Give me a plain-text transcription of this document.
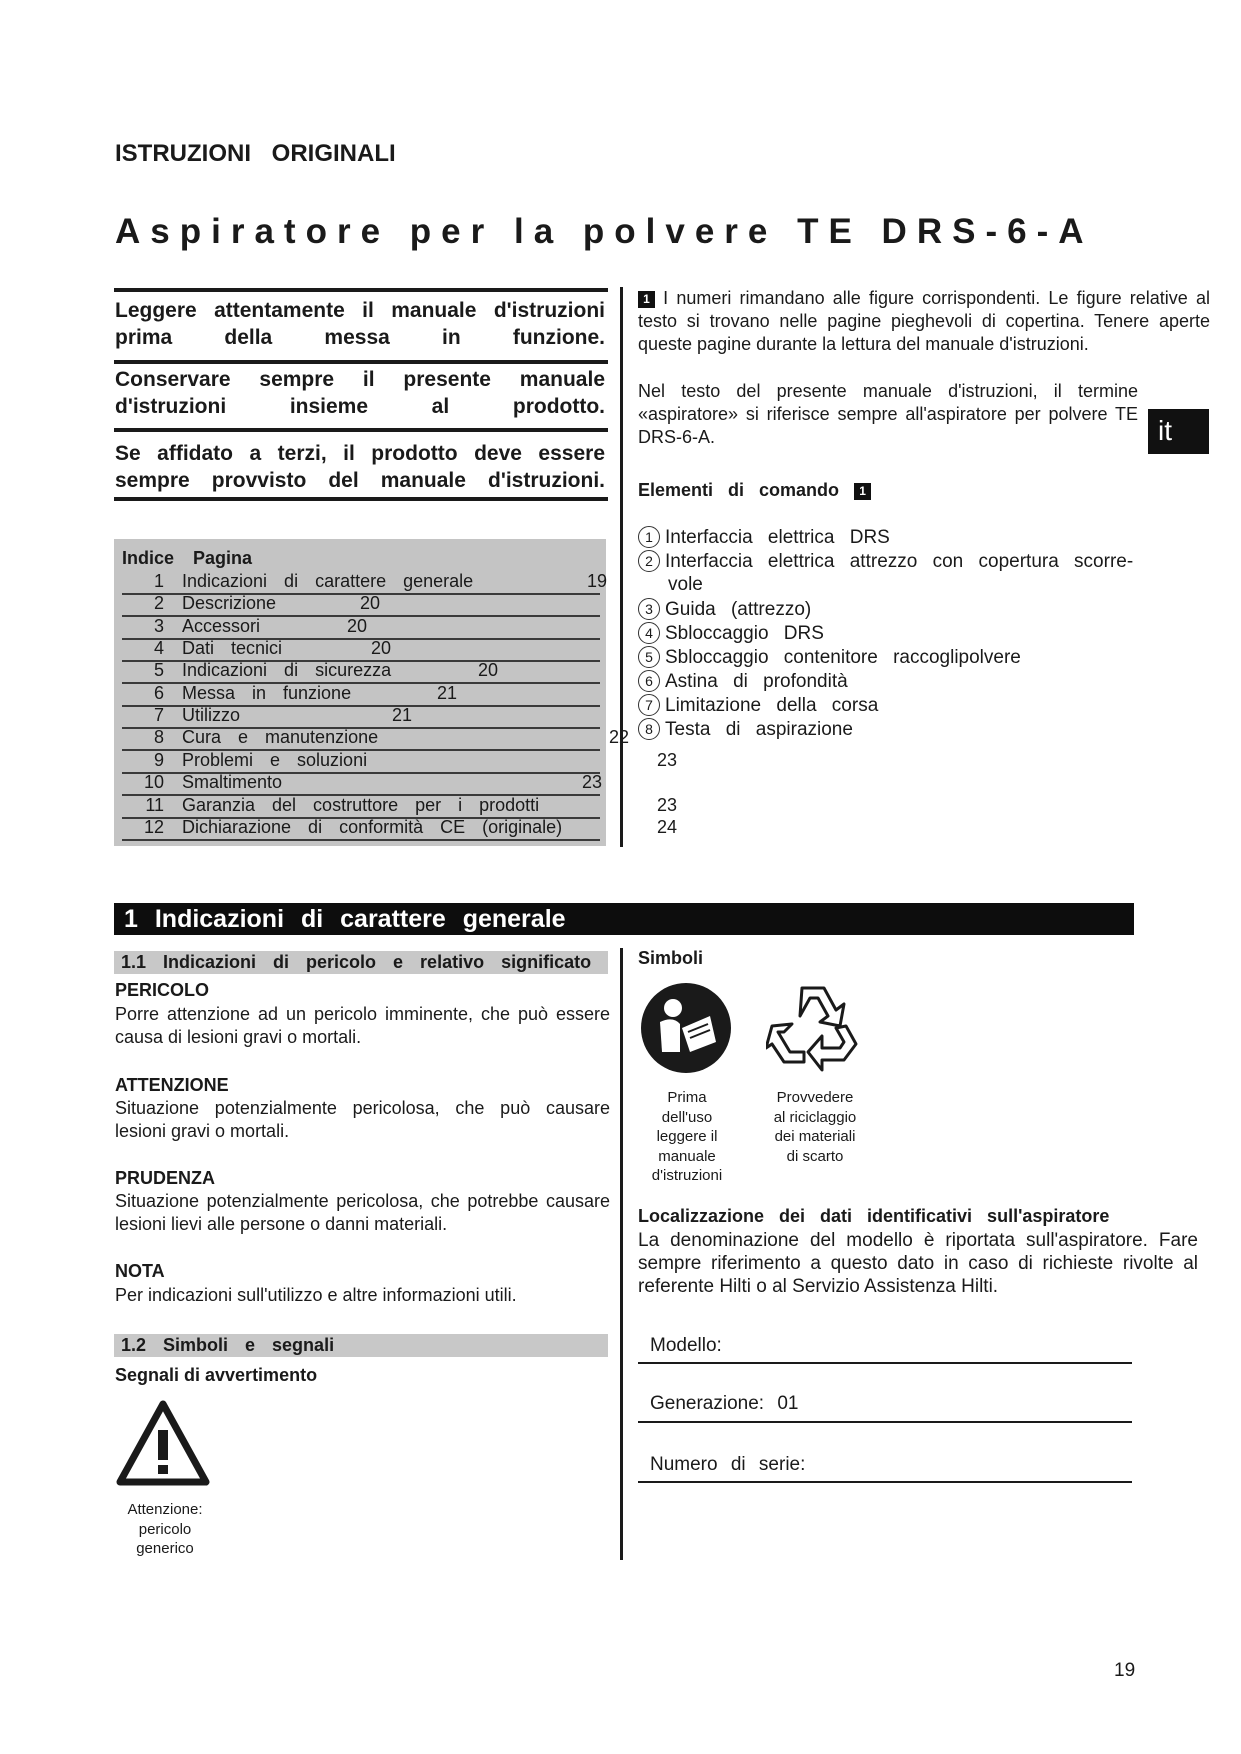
ISTRUZIONI ORIGINALI
Aspiratore per la polvere TE DRS-6-A
Leggere attentamente il manuale d'istruzioni prima della messa in funzione.
Conservare sempre il presente manuale d'istruzioni insieme al prodotto.
Se affidato a terzi, il prodotto deve essere sempre provvisto del manuale d'istruzioni.
Indice Pagina
1 Indicazioni di carattere generale	19
2 Descrizione	20
3 Accessori	20
4 Dati tecnici	20
5 Indicazioni di sicurezza	20
6 Messa in funzione	21
7 Utilizzo	21
8 Cura e manutenzione	22
9 Problemi e soluzioni	23
10 Smaltimento	23
11 Garanzia del costruttore per i prodotti	23
12 Dichiarazione di conformità CE (originale)	24
1 I numeri rimandano alle figure corrispondenti. Le figure relative al testo si trovano nelle pagine pieghevoli di copertina. Tenere aperte queste pagine durante la lettura del manuale d'istruzioni.
Nel testo del presente manuale d'istruzioni, il termine «aspiratore» si riferisce sempre all'aspiratore per polvere TE DRS-6-A.	it
Elementi di comando 1
1 Interfaccia elettrica DRS
2 Interfaccia elettrica attrezzo con copertura scorre-
vole
3 Guida (attrezzo)
4 Sbloccaggio DRS
5 Sbloccaggio contenitore raccoglipolvere
6 Astina di profondità
7 Limitazione della corsa
8 Testa di aspirazione
1 Indicazioni di carattere generale
1.1 Indicazioni di pericolo e relativo significato
PERICOLO
Porre attenzione ad un pericolo imminente, che può essere causa di lesioni gravi o mortali.
ATTENZIONE
Situazione potenzialmente pericolosa, che può causare lesioni gravi o mortali.
PRUDENZA
Situazione potenzialmente pericolosa, che potrebbe causare lesioni lievi alle persone o danni materiali.
NOTA
Per indicazioni sull'utilizzo e altre informazioni utili.
1.2 Simboli e segnali
Segnali di avvertimento
Attenzione:
pericolo
generico
Simboli
Prima
dell'uso
leggere il
manuale
d'istruzioni
Provvedere
al riciclaggio
dei materiali
di scarto
Localizzazione dei dati identificativi sull'aspiratore
La denominazione del modello è riportata sull'aspiratore. Fare sempre riferimento a questo dato in caso di richieste rivolte al referente Hilti o al Servizio Assistenza Hilti.
Modello:
Generazione: 01
Numero di serie:
19
